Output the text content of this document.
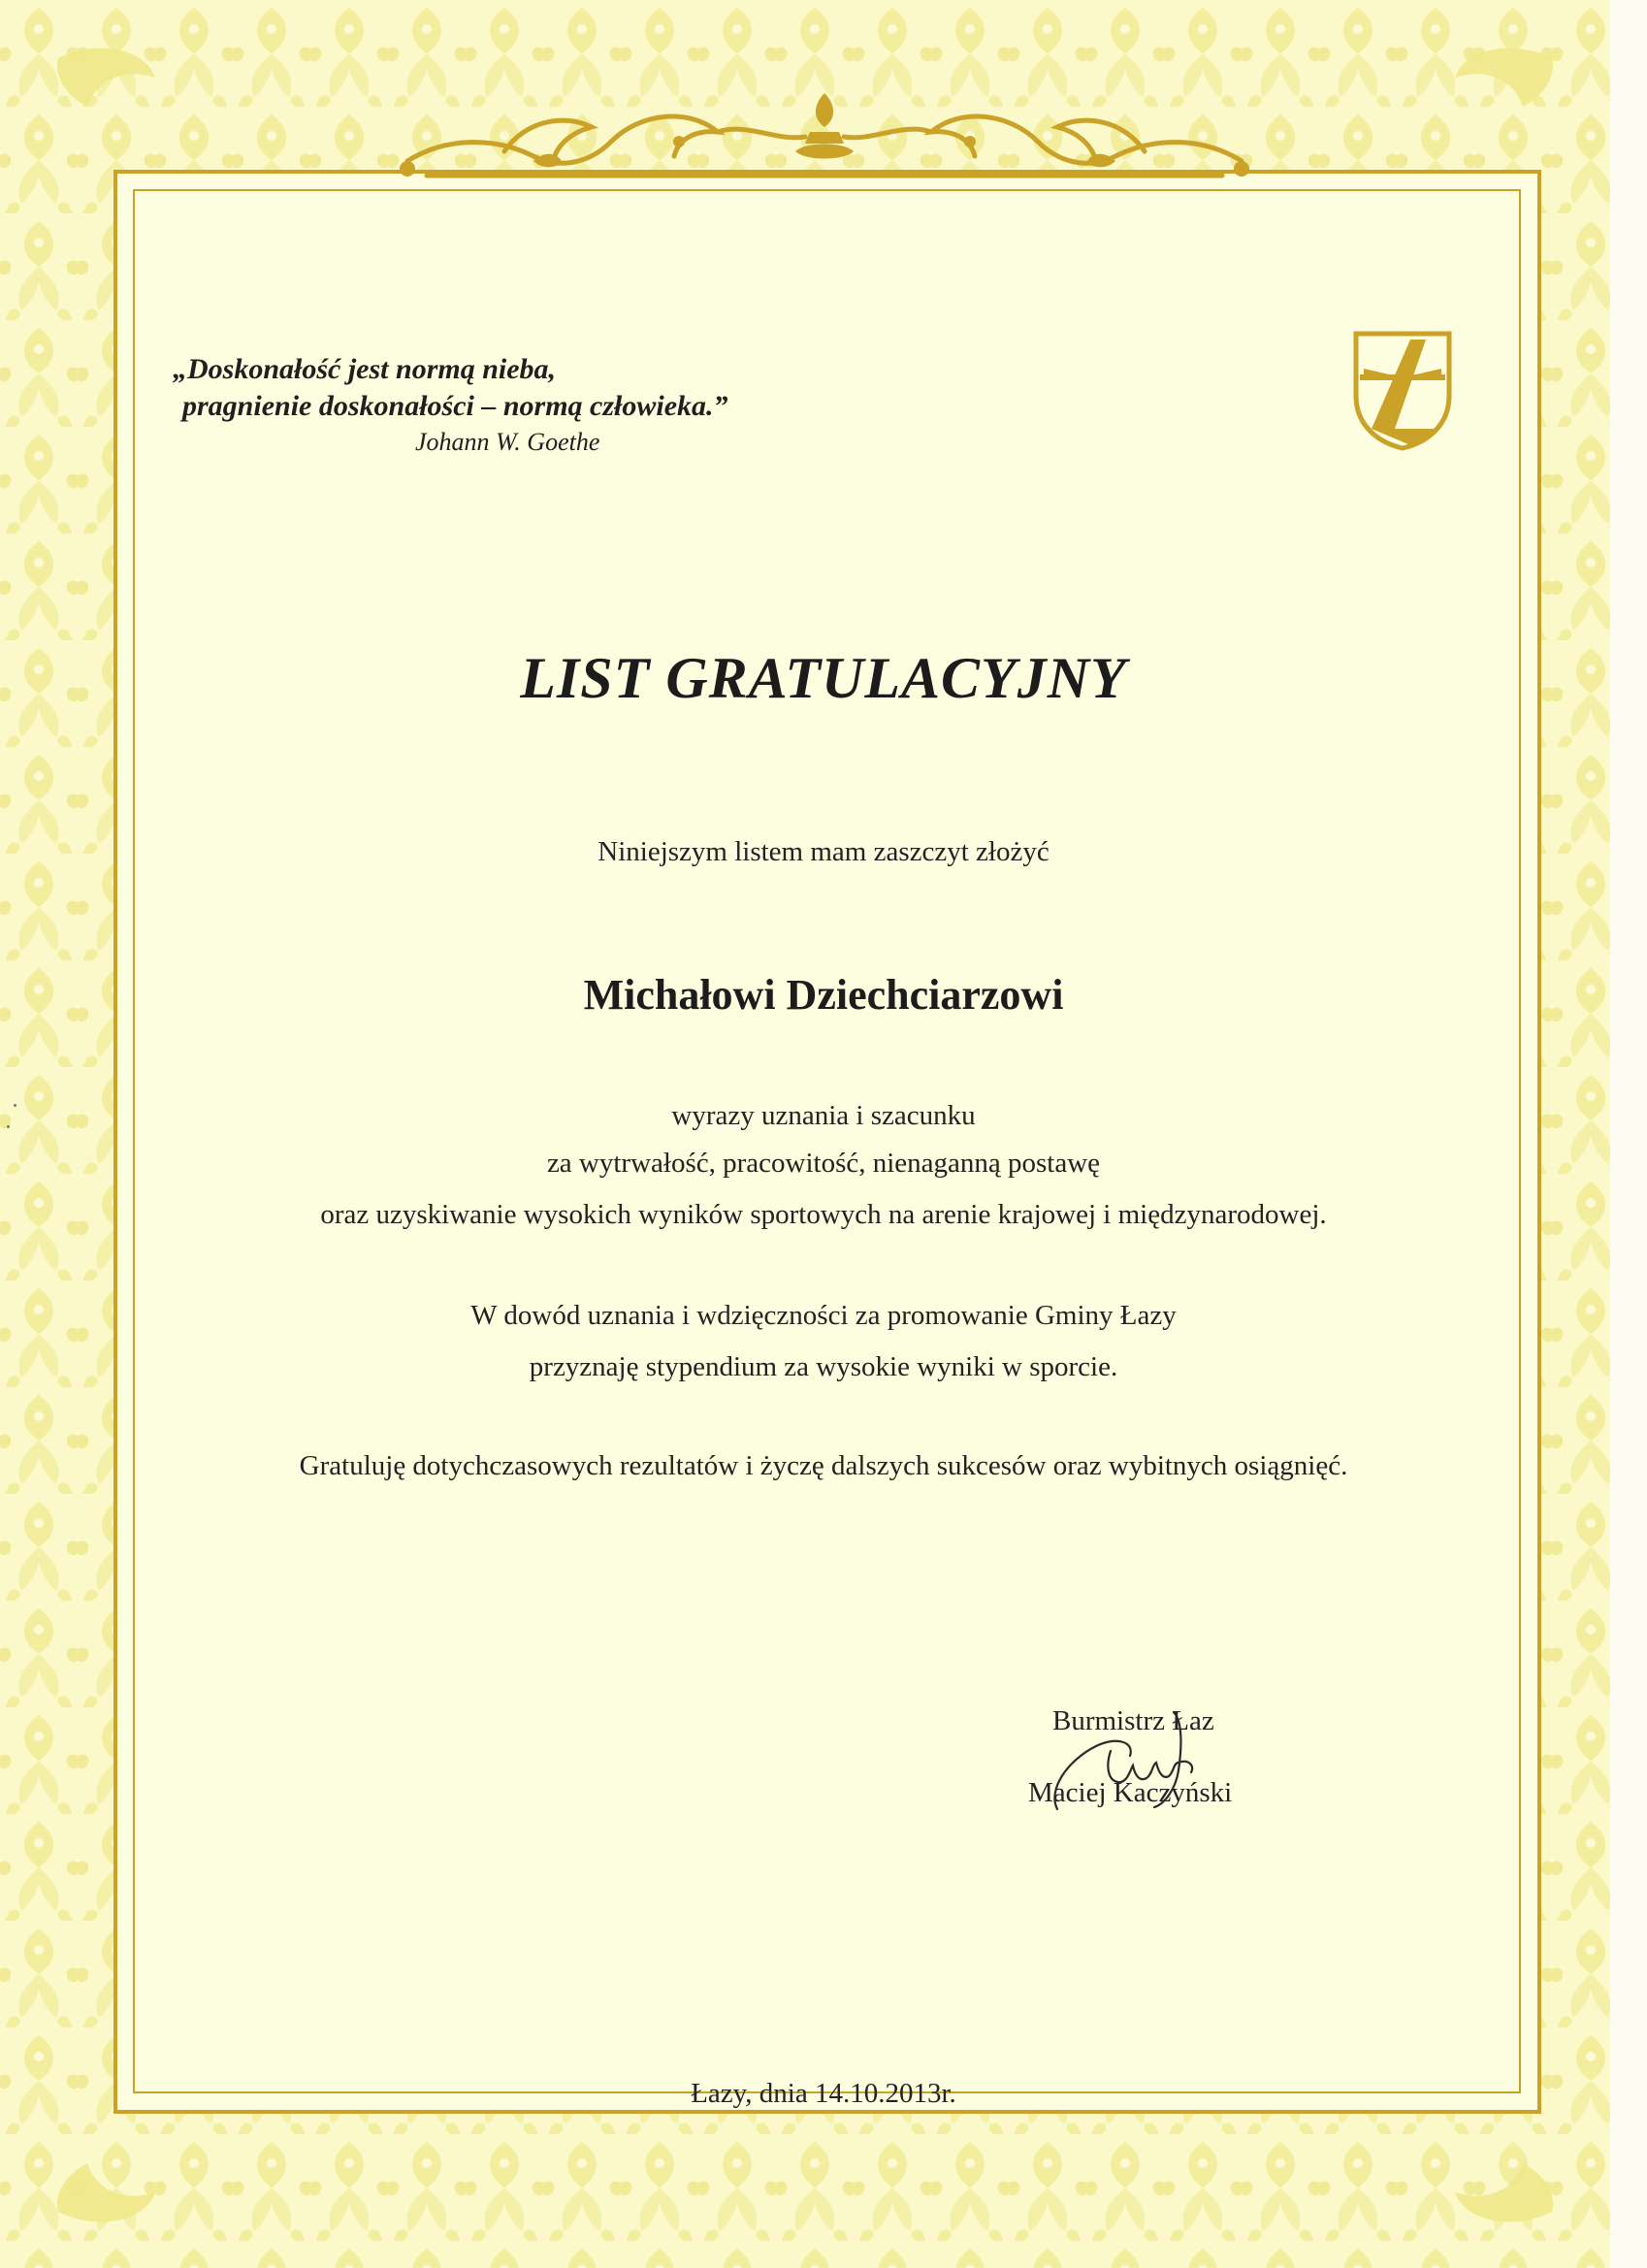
„Doskonałość jest normą nieba,
pragnienie doskonałości – normą człowieka.”
Johann W. Goethe
LIST GRATULACYJNY
Niniejszym listem mam zaszczyt złożyć
Michałowi Dziechciarzowi
wyrazy uznania i szacunku
za wytrwałość, pracowitość, nienaganną postawę
oraz uzyskiwanie wysokich wyników sportowych na arenie krajowej i międzynarodowej.
W dowód uznania i wdzięczności za promowanie Gminy Łazy
przyznaję stypendium za wysokie wyniki w sporcie.
Gratuluję dotychczasowych rezultatów i życzę dalszych sukcesów oraz wybitnych osiągnięć.
Burmistrz Łaz
Maciej Kaczyński
Łazy, dnia 14.10.2013r.
